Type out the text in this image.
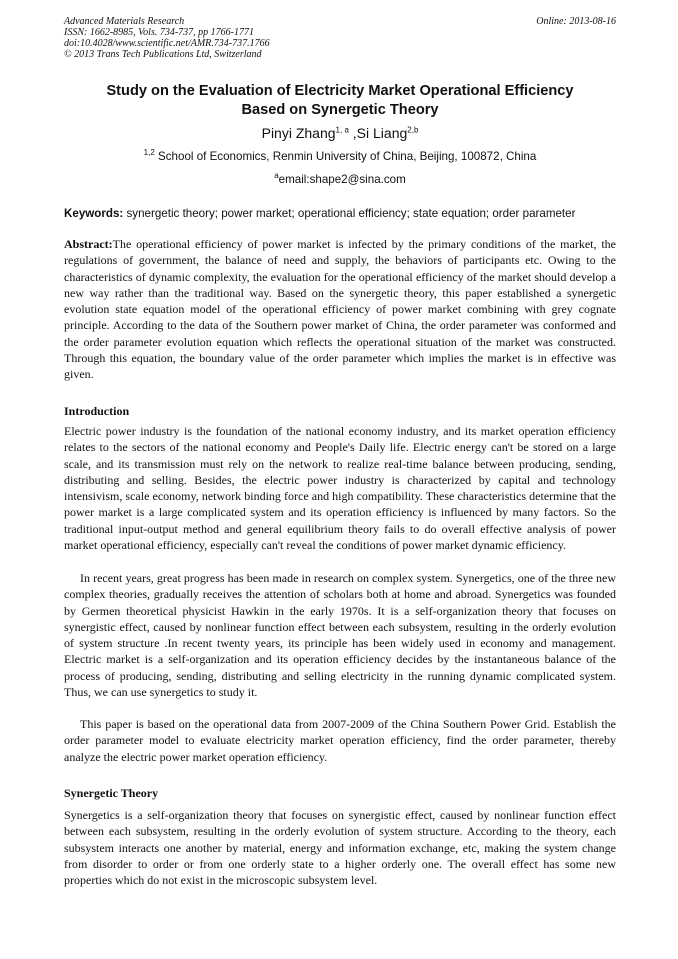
Advanced Materials Research
ISSN: 1662-8985, Vols. 734-737, pp 1766-1771
doi:10.4028/www.scientific.net/AMR.734-737.1766
© 2013 Trans Tech Publications Ltd, Switzerland
Online: 2013-08-16
Study on the Evaluation of Electricity Market Operational Efficiency
Based on Synergetic Theory
Pinyi Zhang$^{1, a}$ ,Si Liang$^{2,b}$
$^{1,2}$ School of Economics, Renmin University of China, Beijing, 100872, China
$^a$email:shape2@sina.com
Keywords: synergetic theory; power market; operational efficiency; state equation; order parameter

Abstract:The operational efficiency of power market is infected by the primary conditions of the market, the regulations of government, the balance of need and supply, the behaviors of participants etc. Owing to the characteristics of dynamic complexity, the evaluation for the operational efficiency of the market should develop a new way rather than the traditional way. Based on the synergetic theory, this paper established a synergetic evolution state equation model of the operational efficiency of power market combining with grey cognate principle. According to the data of the Southern power market of China, the order parameter was conformed and the order parameter evolution equation which reflects the operational situation of the market was constructed. Through this equation, the boundary value of the order parameter which implies the market is in effective was given.

Introduction

Electric power industry is the foundation of the national economy industry, and its market operation efficiency relates to the sectors of the national economy and People's Daily life. Electric energy can't be stored on a large scale, and its transmission must rely on the network to realize real-time balance between producing, sending, distributing and selling. Besides, the electric power industry is characterized by capital and technology intensivism, scale economy, network binding force and high compatibility. These characteristics determine that the power market is a large complicated system and its operation efficiency is influenced by many factors. So the traditional input-output method and general equilibrium theory fails to do overall effective analysis of power market operational efficiency, especially can't reveal the conditions of power market dynamic efficiency.

In recent years, great progress has been made in research on complex system. Synergetics, one of the three new complex theories, gradually receives the attention of scholars both at home and abroad. Synergetics was founded by Germen theoretical physicist Hawkin in the early 1970s. It is a self-organization theory that focuses on synergistic effect, caused by nonlinear function effect between each subsystem, resulting in the orderly evolution of system structure .In recent twenty years, its principle has been widely used in economy and management. Electric market is a self-organization and its operation efficiency decides by the instantaneous balance of the process of producing, sending, distributing and selling electricity in the running dynamic complicated system. Thus, we can use synergetics to study it.

This paper is based on the operational data from 2007-2009 of the China Southern Power Grid. Establish the order parameter model to evaluate electricity market operation efficiency, find the order parameter, thereby analyze the electric power market operation efficiency.

Synergetic Theory

Synergetics is a self-organization theory that focuses on synergistic effect, caused by nonlinear function effect between each subsystem, resulting in the orderly evolution of system structure. According to the theory, each subsystem interacts one another by material, energy and information exchange, etc, making the system change from disorder to order or from one orderly state to a higher orderly one. The overall effect has some new properties which do not exist in the microscopic subsystem level.
